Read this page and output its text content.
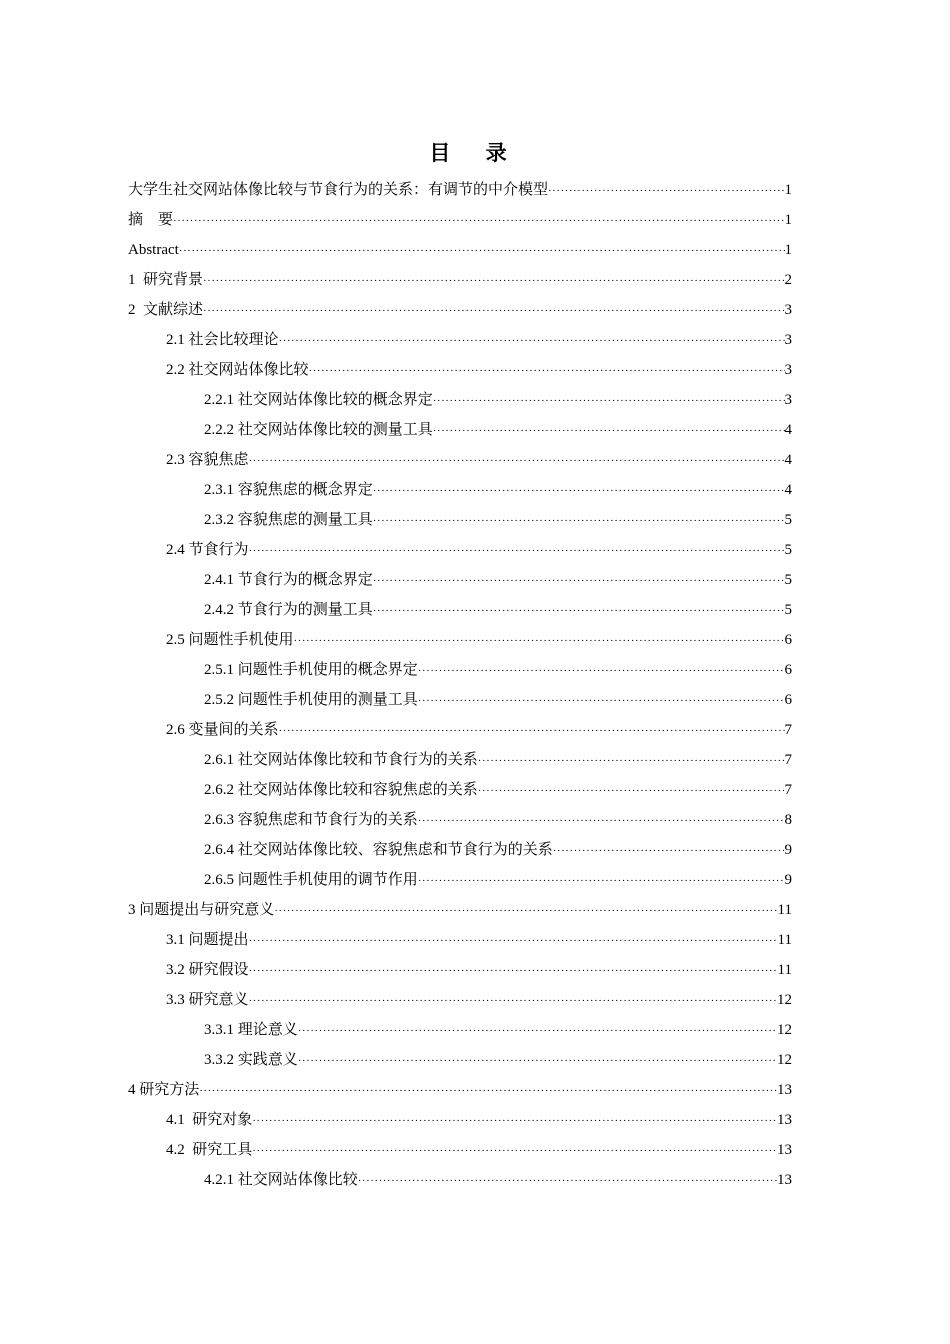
目 录
大学生社交网站体像比较与节食行为的关系：有调节的中介模型 ·····	1
摘　要 ·····	1
Abstract ·····	1
1  研究背景 ·····	2
2  文献综述 ·····	3
2.1 社会比较理论 ·····	3
2.2 社交网站体像比较 ·····	3
2.2.1 社交网站体像比较的概念界定 ·····	3
2.2.2 社交网站体像比较的测量工具 ·····	4
2.3 容貌焦虑 ·····	4
2.3.1 容貌焦虑的概念界定 ·····	4
2.3.2 容貌焦虑的测量工具 ·····	5
2.4 节食行为 ·····	5
2.4.1 节食行为的概念界定 ·····	5
2.4.2 节食行为的测量工具 ·····	5
2.5 问题性手机使用 ·····	6
2.5.1 问题性手机使用的概念界定 ·····	6
2.5.2 问题性手机使用的测量工具 ·····	6
2.6 变量间的关系 ·····	7
2.6.1 社交网站体像比较和节食行为的关系 ·····	7
2.6.2 社交网站体像比较和容貌焦虑的关系 ·····	7
2.6.3 容貌焦虑和节食行为的关系 ·····	8
2.6.4 社交网站体像比较、容貌焦虑和节食行为的关系 ·····	9
2.6.5 问题性手机使用的调节作用 ·····	9
3 问题提出与研究意义 ·····	11
3.1 问题提出 ·····	11
3.2 研究假设 ·····	11
3.3 研究意义 ·····	12
3.3.1 理论意义 ·····	12
3.3.2 实践意义 ·····	12
4 研究方法 ·····	13
4.1  研究对象 ·····	13
4.2  研究工具 ·····	13
4.2.1 社交网站体像比较 ·····	13
